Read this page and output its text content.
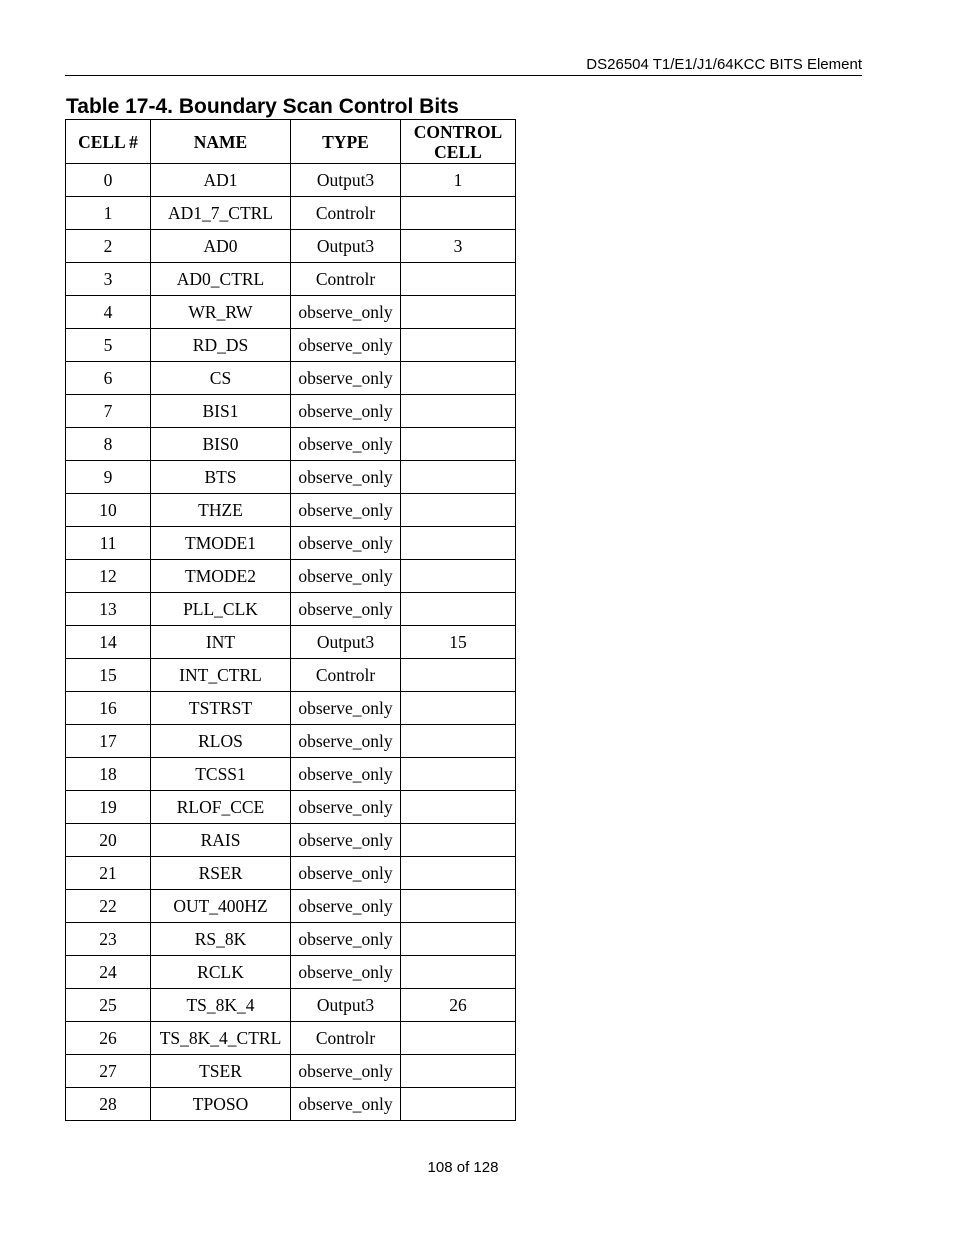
DS26504 T1/E1/J1/64KCC BITS Element
Table 17-4. Boundary Scan Control Bits
CELL #	NAME	TYPE	CONTROL CELL
0	AD1	Output3	1
1	AD1_7_CTRL	Controlr	
2	AD0	Output3	3
3	AD0_CTRL	Controlr	
4	WR_RW	observe_only	
5	RD_DS	observe_only	
6	CS	observe_only	
7	BIS1	observe_only	
8	BIS0	observe_only	
9	BTS	observe_only	
10	THZE	observe_only	
11	TMODE1	observe_only	
12	TMODE2	observe_only	
13	PLL_CLK	observe_only	
14	INT	Output3	15
15	INT_CTRL	Controlr	
16	TSTRST	observe_only	
17	RLOS	observe_only	
18	TCSS1	observe_only	
19	RLOF_CCE	observe_only	
20	RAIS	observe_only	
21	RSER	observe_only	
22	OUT_400HZ	observe_only	
23	RS_8K	observe_only	
24	RCLK	observe_only	
25	TS_8K_4	Output3	26
26	TS_8K_4_CTRL	Controlr	
27	TSER	observe_only	
28	TPOSO	observe_only	
108 of 128
